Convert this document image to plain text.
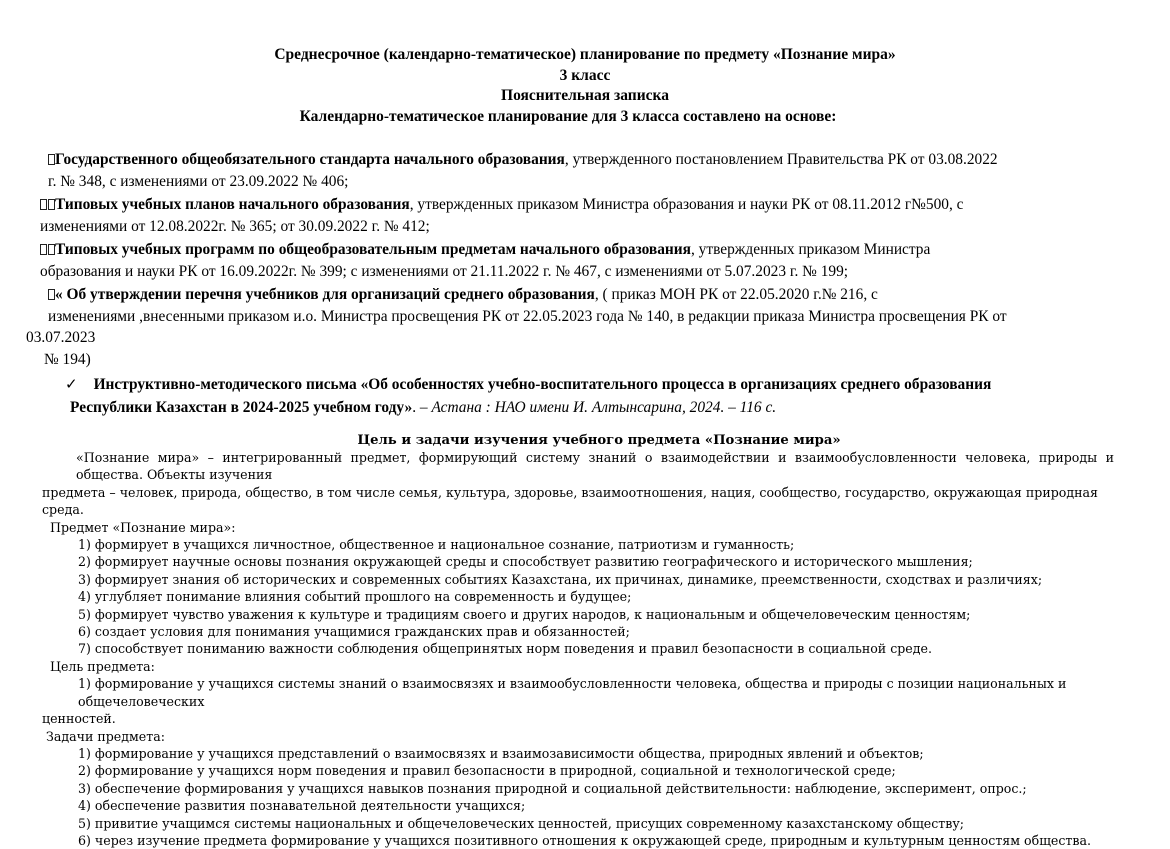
Среднесрочное (календарно-тематическое) планирование по предмету «Познание мира»
3 класс
Пояснительная записка
Календарно-тематическое планирование для 3 класса составлено на основе:
Государственного общеобязательного стандарта начального образования, утвержденного постановлением Правительства РК от 03.08.2022
г. № 348, с изменениями от 23.09.2022 № 406;
Типовых учебных планов начального образования, утвержденных приказом Министра образования и науки РК от 08.11.2012 г№500, с
изменениями от 12.08.2022г. № 365; от 30.09.2022 г. № 412;
Типовых учебных программ по общеобразовательным предметам начального образования, утвержденных приказом Министра
образования и науки РК от 16.09.2022г. № 399; с изменениями от 21.11.2022 г. № 467, с изменениями от 5.07.2023 г. № 199;
« Об утверждении перечня учебников для организаций среднего образования, ( приказ МОН РК от 22.05.2020 г.№ 216, с
изменениями ,внесенными приказом и.о. Министра просвещения РК от 22.05.2023 года № 140, в редакции приказа Министра просвещения РК от
03.07.2023
№ 194)
✓ Инструктивно-методического письма «Об особенностях учебно-воспитательного процесса в организациях среднего образования
Республики Казахстан в 2024-2025 учебном году». – Астана : НАО имени И. Алтынсарина, 2024. – 116 с.
Цель и задачи изучения учебного предмета «Познание мира»

«Познание мира» – интегрированный предмет, формирующий систему знаний о взаимодействии и взаимообусловленности человека, природы и общества. Объекты изучения

предмета – человек, природа, общество, в том числе семья, культура, здоровье, взаимоотношения, нация, сообщество, государство, окружающая природная среда.

Предмет «Познание мира»:

1) формирует в учащихся личностное, общественное и национальное сознание, патриотизм и гуманность;

2) формирует научные основы познания окружающей среды и способствует развитию географического и исторического мышления;

3) формирует знания об исторических и современных событиях Казахстана, их причинах, динамике, преемственности, сходствах и различиях;

4) углубляет понимание влияния событий прошлого на современность и будущее;

5) формирует чувство уважения к культуре и традициям своего и других народов, к национальным и общечеловеческим ценностям;

6) создает условия для понимания учащимися гражданских прав и обязанностей;

7) способствует пониманию важности соблюдения общепринятых норм поведения и правил безопасности в социальной среде.

Цель предмета:

1) формирование у учащихся системы знаний о взаимосвязях и взаимообусловленности человека, общества и природы с позиции национальных и общечеловеческих

ценностей.

Задачи предмета:

1) формирование у учащихся представлений о взаимосвязях и взаимозависимости общества, природных явлений и объектов;

2) формирование у учащихся норм поведения и правил безопасности в природной, социальной и технологической среде;

3) обеспечение формирования у учащихся навыков познания природной и социальной действительности: наблюдение, эксперимент, опрос.;

4) обеспечение развития познавательной деятельности учащихся;

5) привитие учащимся системы национальных и общечеловеческих ценностей, присущих современному казахстанскому обществу;

6) через изучение предмета формирование у учащихся позитивного отношения к окружающей среде, природным и культурным ценностям общества.
